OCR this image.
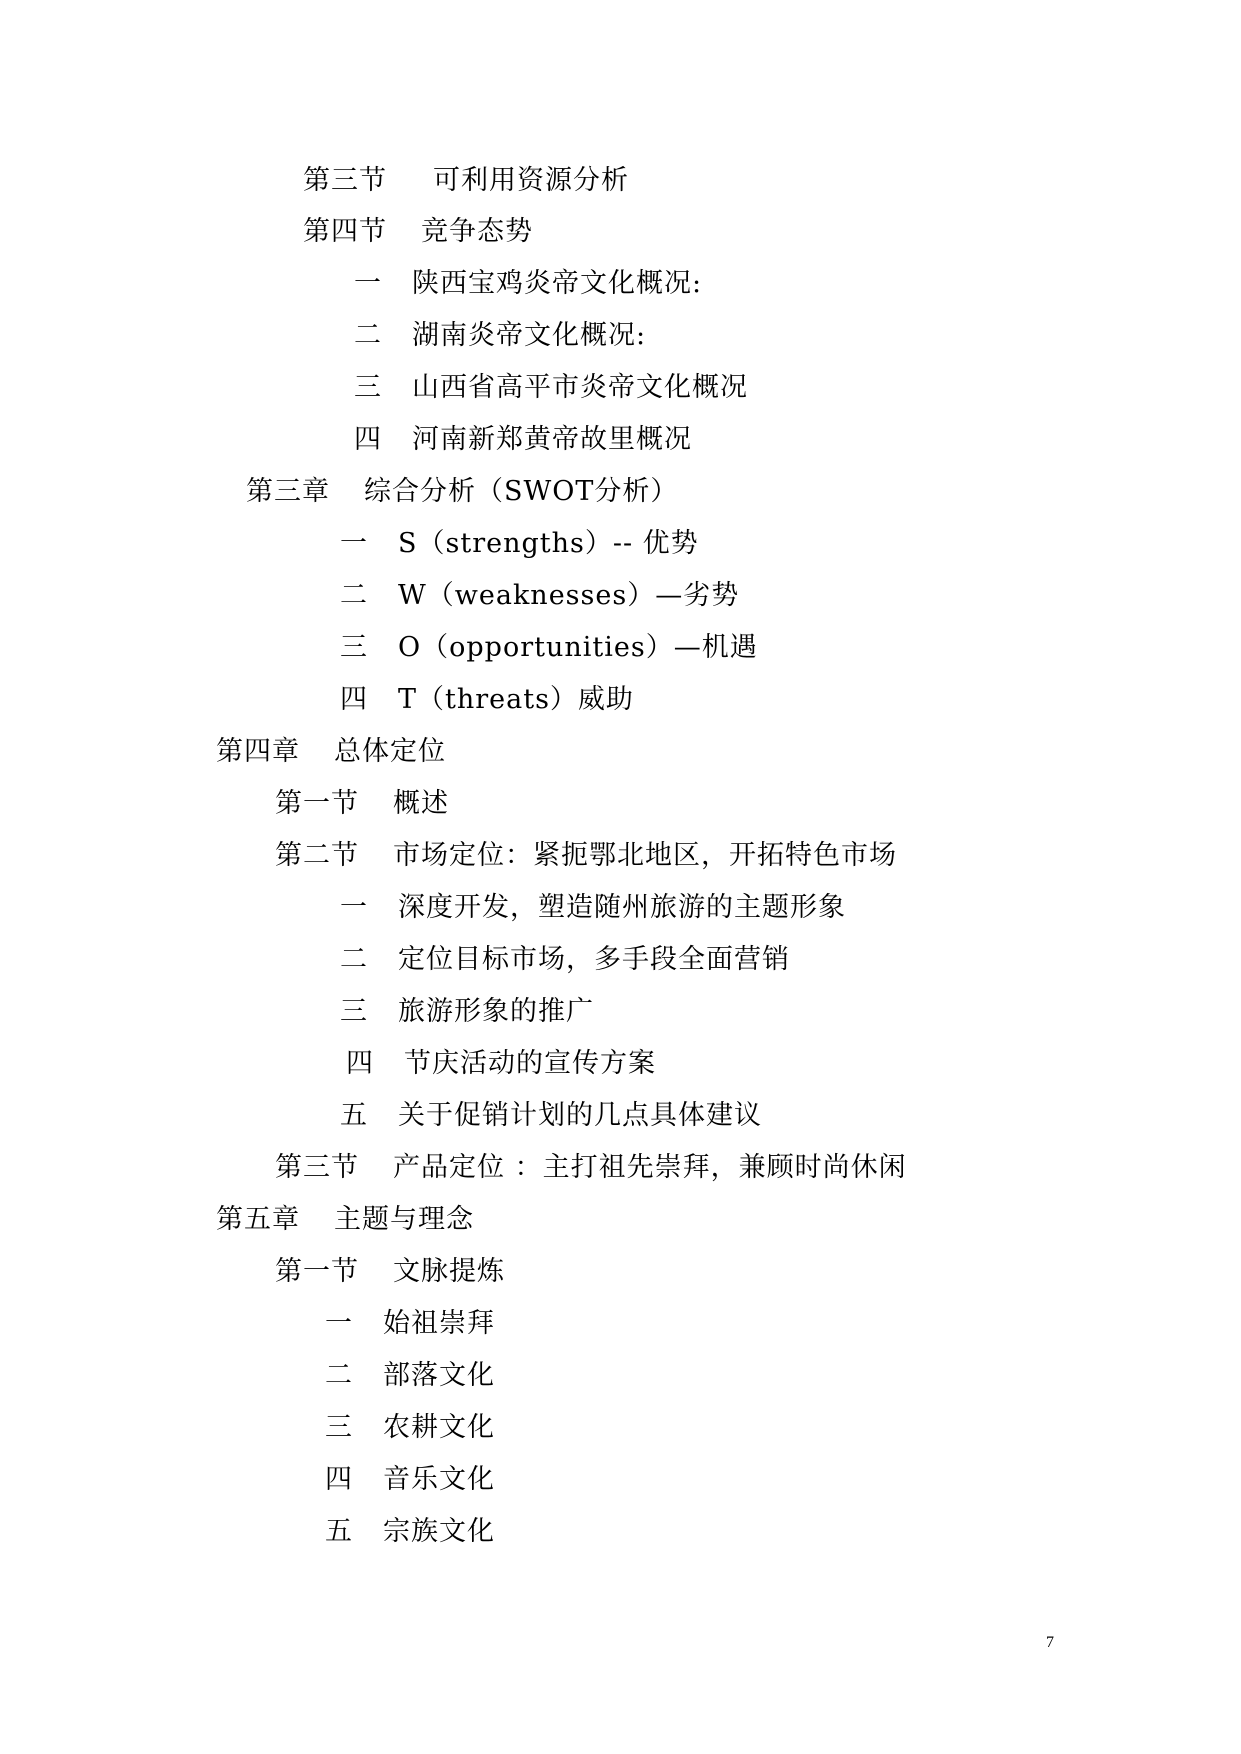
第三节 可利用资源分析
第四节 竞争态势
一 陕西宝鸡炎帝文化概况:
二 湖南炎帝文化概况:
三 山西省高平市炎帝文化概况
四 河南新郑黄帝故里概况
第三章 综合分析（SWOT分析）
一 S（strengths）-- 优势
二 W（weaknesses）—劣势
三 O（opportunities）—机遇
四 T（threats）威助
第四章 总体定位
第一节 概述
第二节 市场定位：紧扼鄂北地区，开拓特色市场
一 深度开发，塑造随州旅游的主题形象
二 定位目标市场，多手段全面营销
三 旅游形象的推广
四 节庆活动的宣传方案
五 关于促销计划的几点具体建议
第三节 产品定位 ：主打祖先崇拜，兼顾时尚休闲
第五章 主题与理念
第一节 文脉提炼
一 始祖崇拜
二 部落文化
三 农耕文化
四 音乐文化
五 宗族文化
7
